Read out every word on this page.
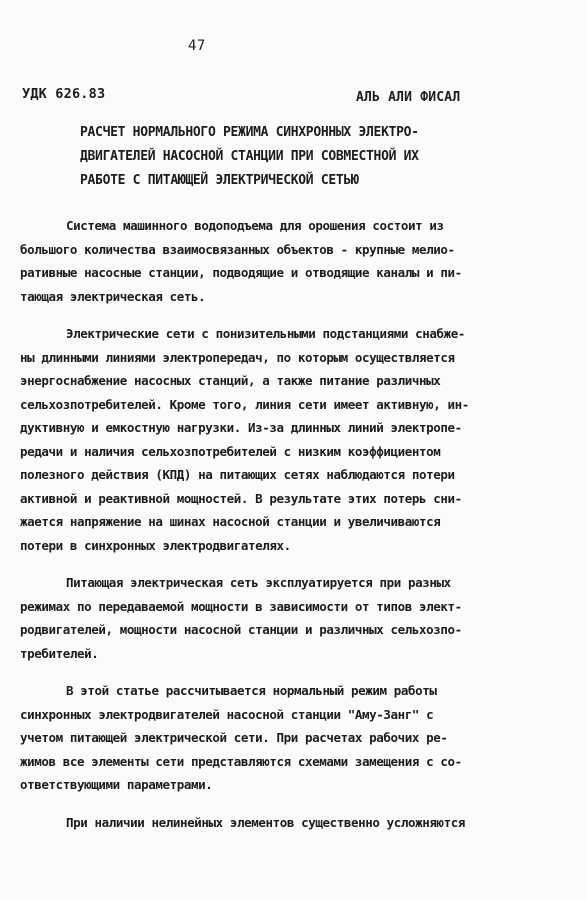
47
УДК 626.83	АЛЬ АЛИ ФИСАЛ
РАСЧЕТ НОРМАЛЬНОГО РЕЖИМА СИНХРОННЫХ ЭЛЕКТРО-
ДВИГАТЕЛЕЙ НАСОСНОЙ СТАНЦИИ ПРИ СОВМЕСТНОЙ ИХ
РАБОТЕ С ПИТАЮЩЕЙ ЭЛЕКТРИЧЕСКОЙ СЕТЬЮ
Система машинного водоподъема для орошения состоит из
большого количества взаимосвязанных объектов - крупные мелио-
ративные насосные станции, подводящие и отводящие каналы и пи-
тающая электрическая сеть.
Электрические сети с понизительными подстанциями снабже-
ны длинными линиями электропередач, по которым осуществляется
энергоснабжение насосных станций, а также питание различных
сельхозпотребителей. Кроме того, линия сети имеет активную, ин-
дуктивную и емкостную нагрузки. Из-за длинных линий электропе-
редачи и наличия сельхозпотребителей с низким коэффициентом
полезного действия (КПД) на питающих сетях наблюдаются потери
активной и реактивной мощностей. В результате этих потерь сни-
жается напряжение на шинах насосной станции и увеличиваются
потери в синхронных электродвигателях.
Питающая электрическая сеть эксплуатируется при разных
режимах по передаваемой мощности в зависимости от типов элект-
родвигателей, мощности насосной станции и различных сельхозпо-
требителей.
В этой статье рассчитывается нормальный режим работы
синхронных электродвигателей насосной станции "Аму-Занг" с
учетом питающей электрической сети. При расчетах рабочих ре-
жимов все элементы сети представляются схемами замещения с со-
ответствующими параметрами.
При наличии нелинейных элементов существенно усложняются
